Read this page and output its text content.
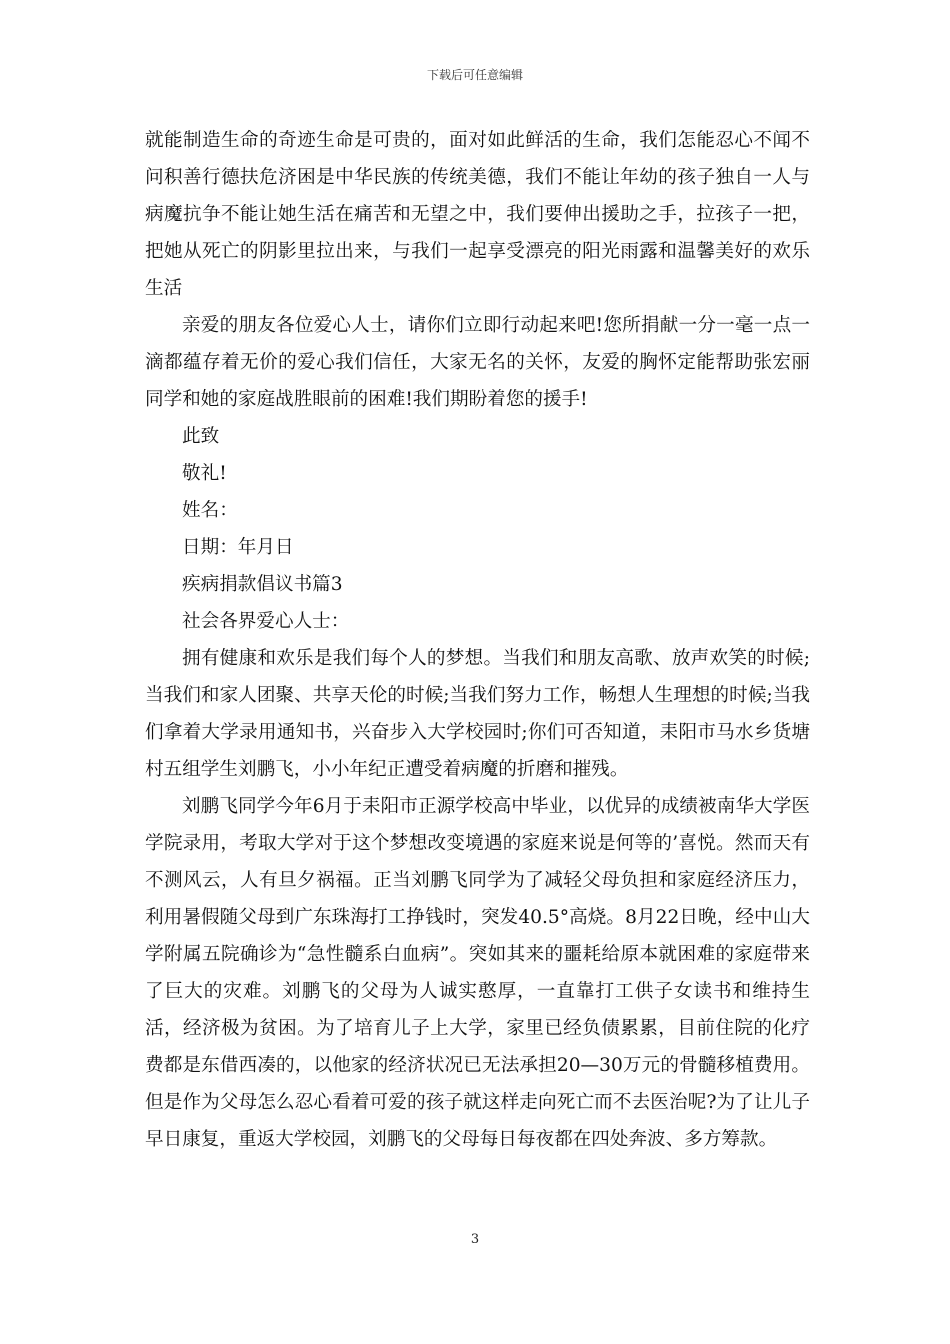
下载后可任意编辑

就能制造生命的奇迹生命是可贵的，面对如此鲜活的生命，我们怎能忍心不闻不问积善行德扶危济困是中华民族的传统美德，我们不能让年幼的孩子独自一人与病魔抗争不能让她生活在痛苦和无望之中，我们要伸出援助之手，拉孩子一把，把她从死亡的阴影里拉出来，与我们一起享受漂亮的阳光雨露和温馨美好的欢乐生活

亲爱的朋友各位爱心人士，请你们立即行动起来吧!您所捐献一分一毫一点一滴都蕴存着无价的爱心我们信任，大家无名的关怀，友爱的胸怀定能帮助张宏丽同学和她的家庭战胜眼前的困难!我们期盼着您的援手!

此致

敬礼!

姓名：

日期：年月日

疾病捐款倡议书篇3

社会各界爱心人士：

拥有健康和欢乐是我们每个人的梦想。当我们和朋友高歌、放声欢笑的时候;当我们和家人团聚、共享天伦的时候;当我们努力工作，畅想人生理想的时候;当我们拿着大学录用通知书，兴奋步入大学校园时;你们可否知道，耒阳市马水乡货塘村五组学生刘鹏飞，小小年纪正遭受着病魔的折磨和摧残。

刘鹏飞同学今年6月于耒阳市正源学校高中毕业，以优异的成绩被南华大学医学院录用，考取大学对于这个梦想改变境遇的家庭来说是何等的’喜悦。然而天有不测风云，人有旦夕祸福。正当刘鹏飞同学为了减轻父母负担和家庭经济压力，利用暑假随父母到广东珠海打工挣钱时，突发40.5°高烧。8月22日晚，经中山大学附属五院确诊为“急性髓系白血病”。突如其来的噩耗给原本就困难的家庭带来了巨大的灾难。刘鹏飞的父母为人诚实憨厚，一直靠打工供子女读书和维持生活，经济极为贫困。为了培育儿子上大学，家里已经负债累累，目前住院的化疗费都是东借西凑的，以他家的经济状况已无法承担20—30万元的骨髓移植费用。但是作为父母怎么忍心看着可爱的孩子就这样走向死亡而不去医治呢?为了让儿子早日康复，重返大学校园，刘鹏飞的父母每日每夜都在四处奔波、多方筹款。

3
